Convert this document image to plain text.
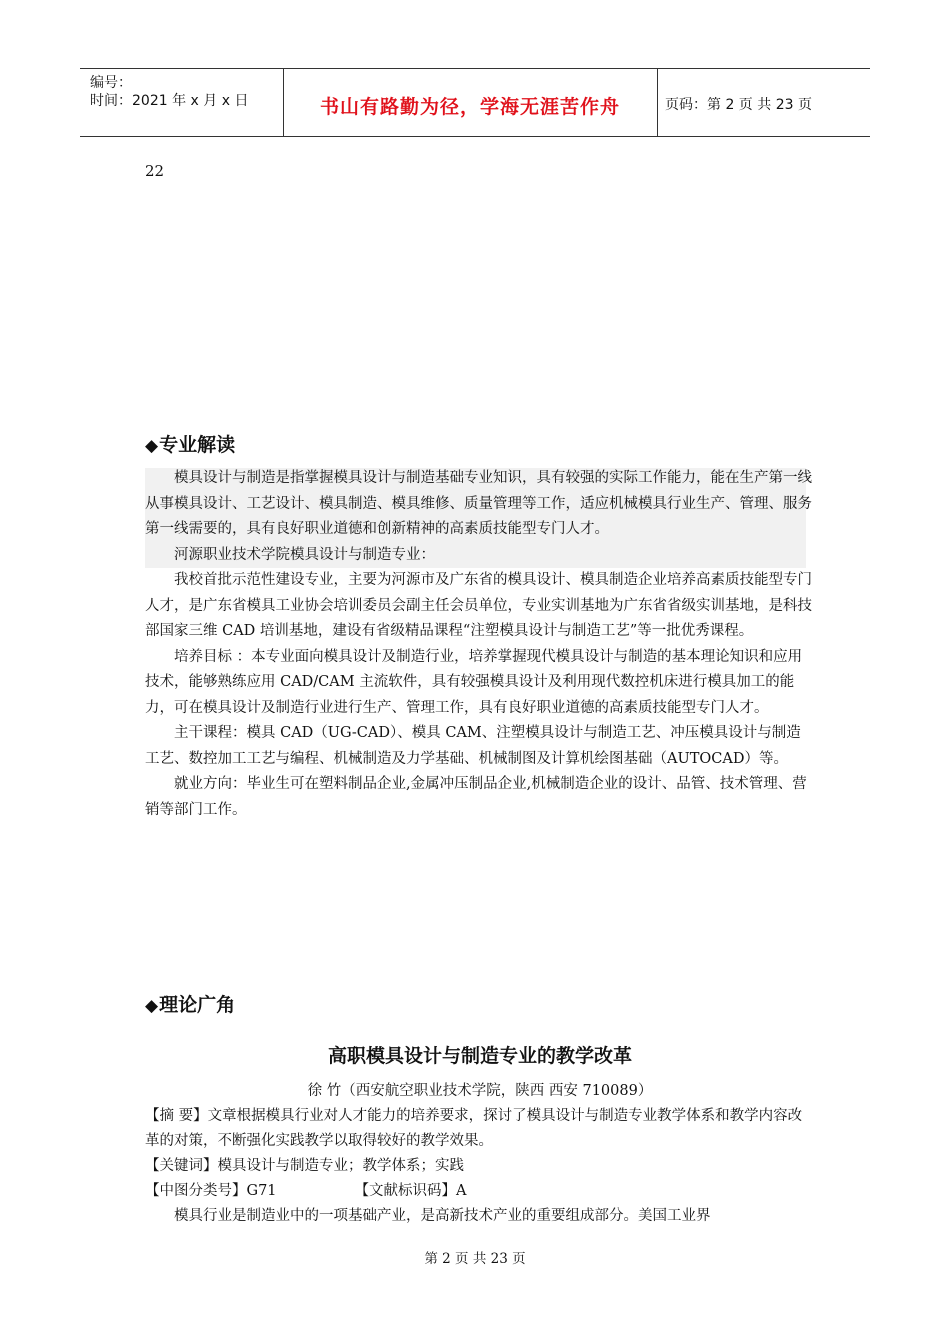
编号：
时间：2021 年 x 月 x 日	书山有路勤为径，学海无涯苦作舟	页码：第 2 页 共 23 页
22
◆专业解读

模具设计与制造是指掌握模具设计与制造基础专业知识，具有较强的实际工作能力，能在生产第一线从事模具设计、工艺设计、模具制造、模具维修、质量管理等工作，适应机械模具行业生产、管理、服务第一线需要的，具有良好职业道德和创新精神的高素质技能型专门人才。

河源职业技术学院模具设计与制造专业：

我校首批示范性建设专业，主要为河源市及广东省的模具设计、模具制造企业培养高素质技能型专门人才，是广东省模具工业协会培训委员会副主任会员单位，专业实训基地为广东省省级实训基地，是科技部国家三维 CAD 培训基地，建设有省级精品课程“注塑模具设计与制造工艺”等一批优秀课程。

培养目标 ：本专业面向模具设计及制造行业，培养掌握现代模具设计与制造的基本理论知识和应用技术，能够熟练应用 CAD/CAM 主流软件，具有较强模具设计及利用现代数控机床进行模具加工的能力，可在模具设计及制造行业进行生产、管理工作，具有良好职业道德的高素质技能型专门人才。

主干课程：模具 CAD（UG-CAD）、模具 CAM、注塑模具设计与制造工艺、冲压模具设计与制造工艺、数控加工工艺与编程、机械制造及力学基础、机械制图及计算机绘图基础（AUTOCAD）等。

就业方向：毕业生可在塑料制品企业,金属冲压制品企业,机械制造企业的设计、品管、技术管理、营销等部门工作。

◆理论广角
高职模具设计与制造专业的教学改革
徐 竹（西安航空职业技术学院，陕西 西安 710089）

【摘 要】文章根据模具行业对人才能力的培养要求，探讨了模具设计与制造专业教学体系和教学内容改革的对策，不断强化实践教学以取得较好的教学效果。

【关键词】模具设计与制造专业；教学体系；实践

【中图分类号】G71	【文献标识码】A

模具行业是制造业中的一项基础产业，是高新技术产业的重要组成部分。美国工业界

第 2 页 共 23 页
